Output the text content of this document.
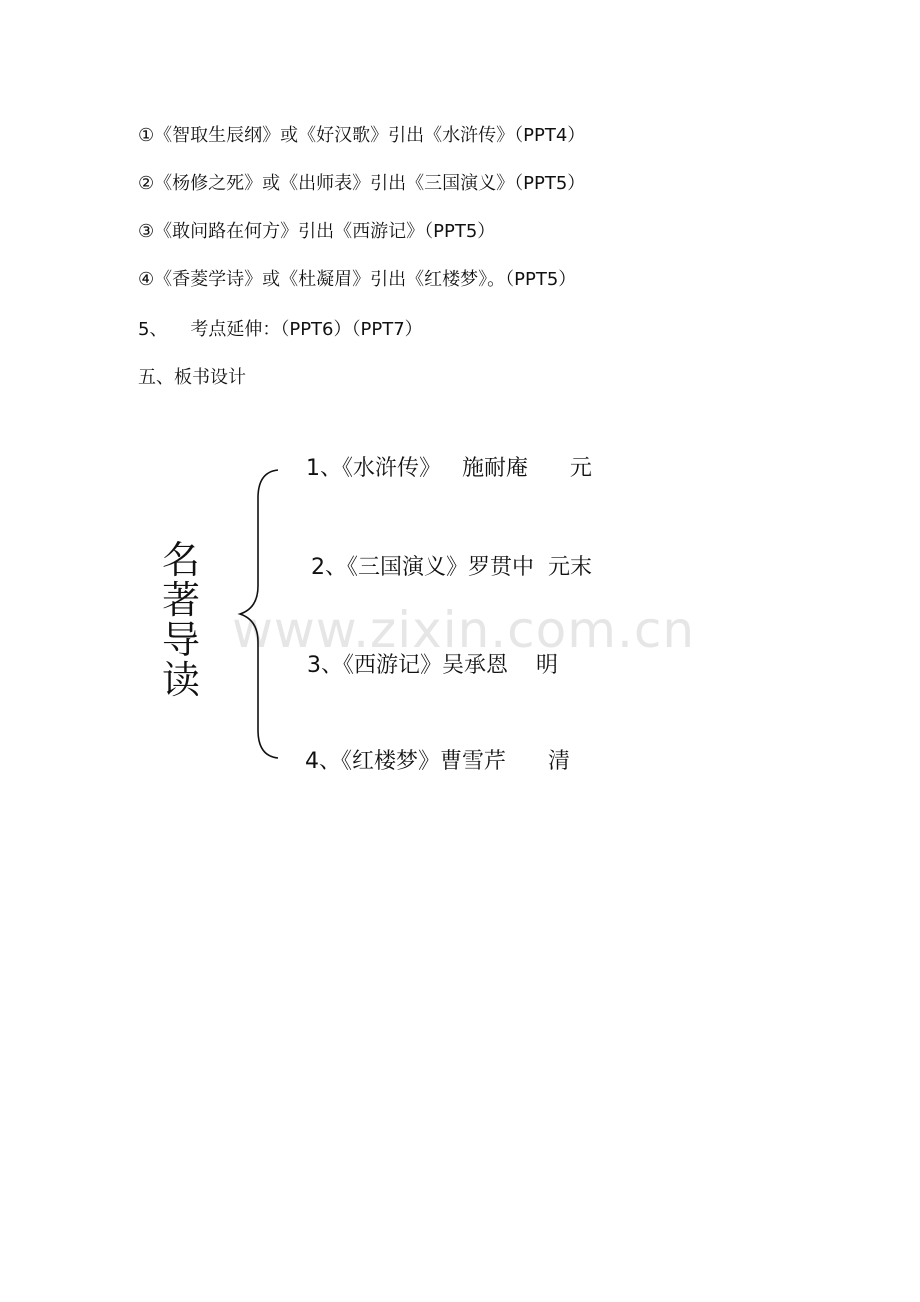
①《智取生辰纲》或《好汉歌》引出《水浒传》（PPT4）

②《杨修之死》或《出师表》引出《三国演义》（PPT5）

③《敢问路在何方》引出《西游记》（PPT5）

④《香菱学诗》或《杜凝眉》引出《红楼梦》。（PPT5）

5、    考点延伸：（PPT6）（PPT7）

五、板书设计

www.zixin.com.cn
名
著
导
读

1、《水浒传》   施耐庵      元

2、《三国演义》罗贯中  元末

3、《西游记》吴承恩    明

4、《红楼梦》曹雪芹      清
